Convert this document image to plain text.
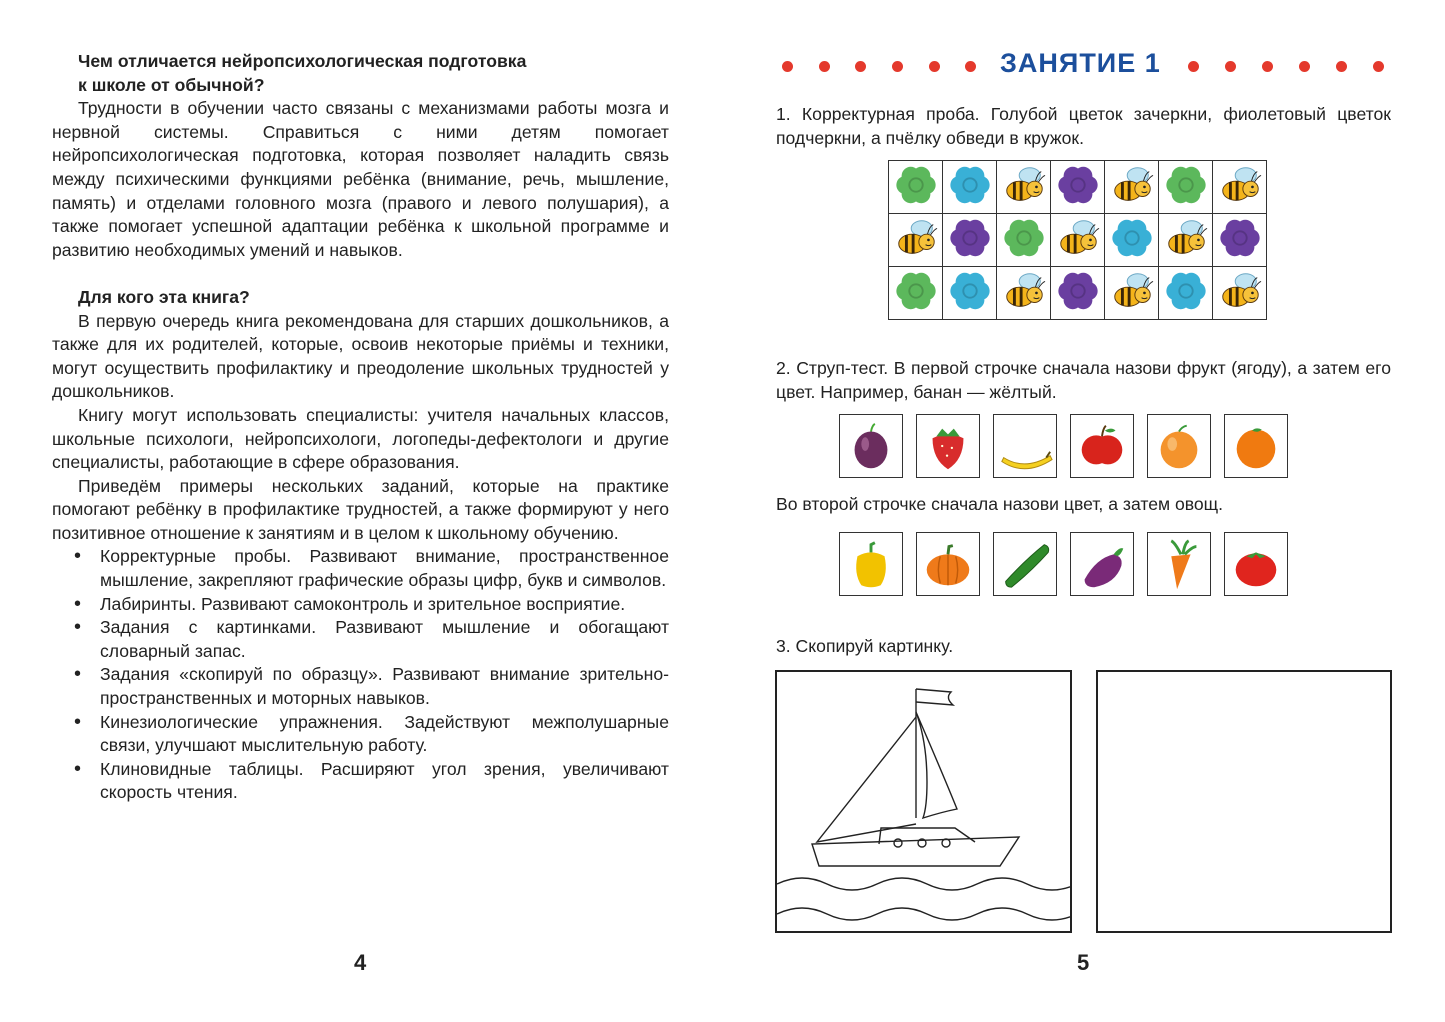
Чем отличается нейропсихологическая подготовка

к школе от обычной?

Трудности в обучении часто связаны с механизмами работы мозга и нервной системы. Справиться с ними детям помогает нейропсихологическая подготовка, которая позволяет наладить связь между психическими функциями ребёнка (внимание, речь, мышление, память) и отделами головного мозга (правого и левого полушария), а также помогает успешной адаптации ребёнка к школьной программе и развитию необходимых умений и навыков.

Для кого эта книга?

В первую очередь книга рекомендована для старших дошкольников, а также для их родителей, которые, освоив некоторые приёмы и техники, могут осуществить профилактику и преодоление школьных трудностей у дошкольников.

Книгу могут использовать специалисты: учителя начальных классов, школьные психологи, нейропсихологи, логопеды-дефектологи и другие специалисты, работающие в сфере образования.

Приведём примеры нескольких заданий, которые на практике помогают ребёнку в профилактике трудностей, а также формируют у него позитивное отношение к занятиям и в целом к школьному обучению.

• Корректурные пробы. Развивают внимание, пространственное мышление, закрепляют графические образы цифр, букв и символов.
• Лабиринты. Развивают самоконтроль и зрительное восприятие.
• Задания с картинками. Развивают мышление и обогащают словарный запас.
• Задания «скопируй по образцу». Развивают внимание зрительно-пространственных и моторных навыков.
• Кинезиологические упражнения. Задействуют межполушарные связи, улучшают мыслительную работу.
• Клиновидные таблицы. Расширяют угол зрения, увеличивают скорость чтения.
4
ЗАНЯТИЕ 1
1. Корректурная проба. Голубой цветок зачеркни, фиолетовый цветок подчеркни, а пчёлку обведи в кружок.

2. Струп-тест. В первой строчке сначала назови фрукт (ягоду), а затем его цвет. Например, банан — жёлтый.
Во второй строчке сначала назови цвет, а затем овощ.
3. Скопируй картинку.
5
